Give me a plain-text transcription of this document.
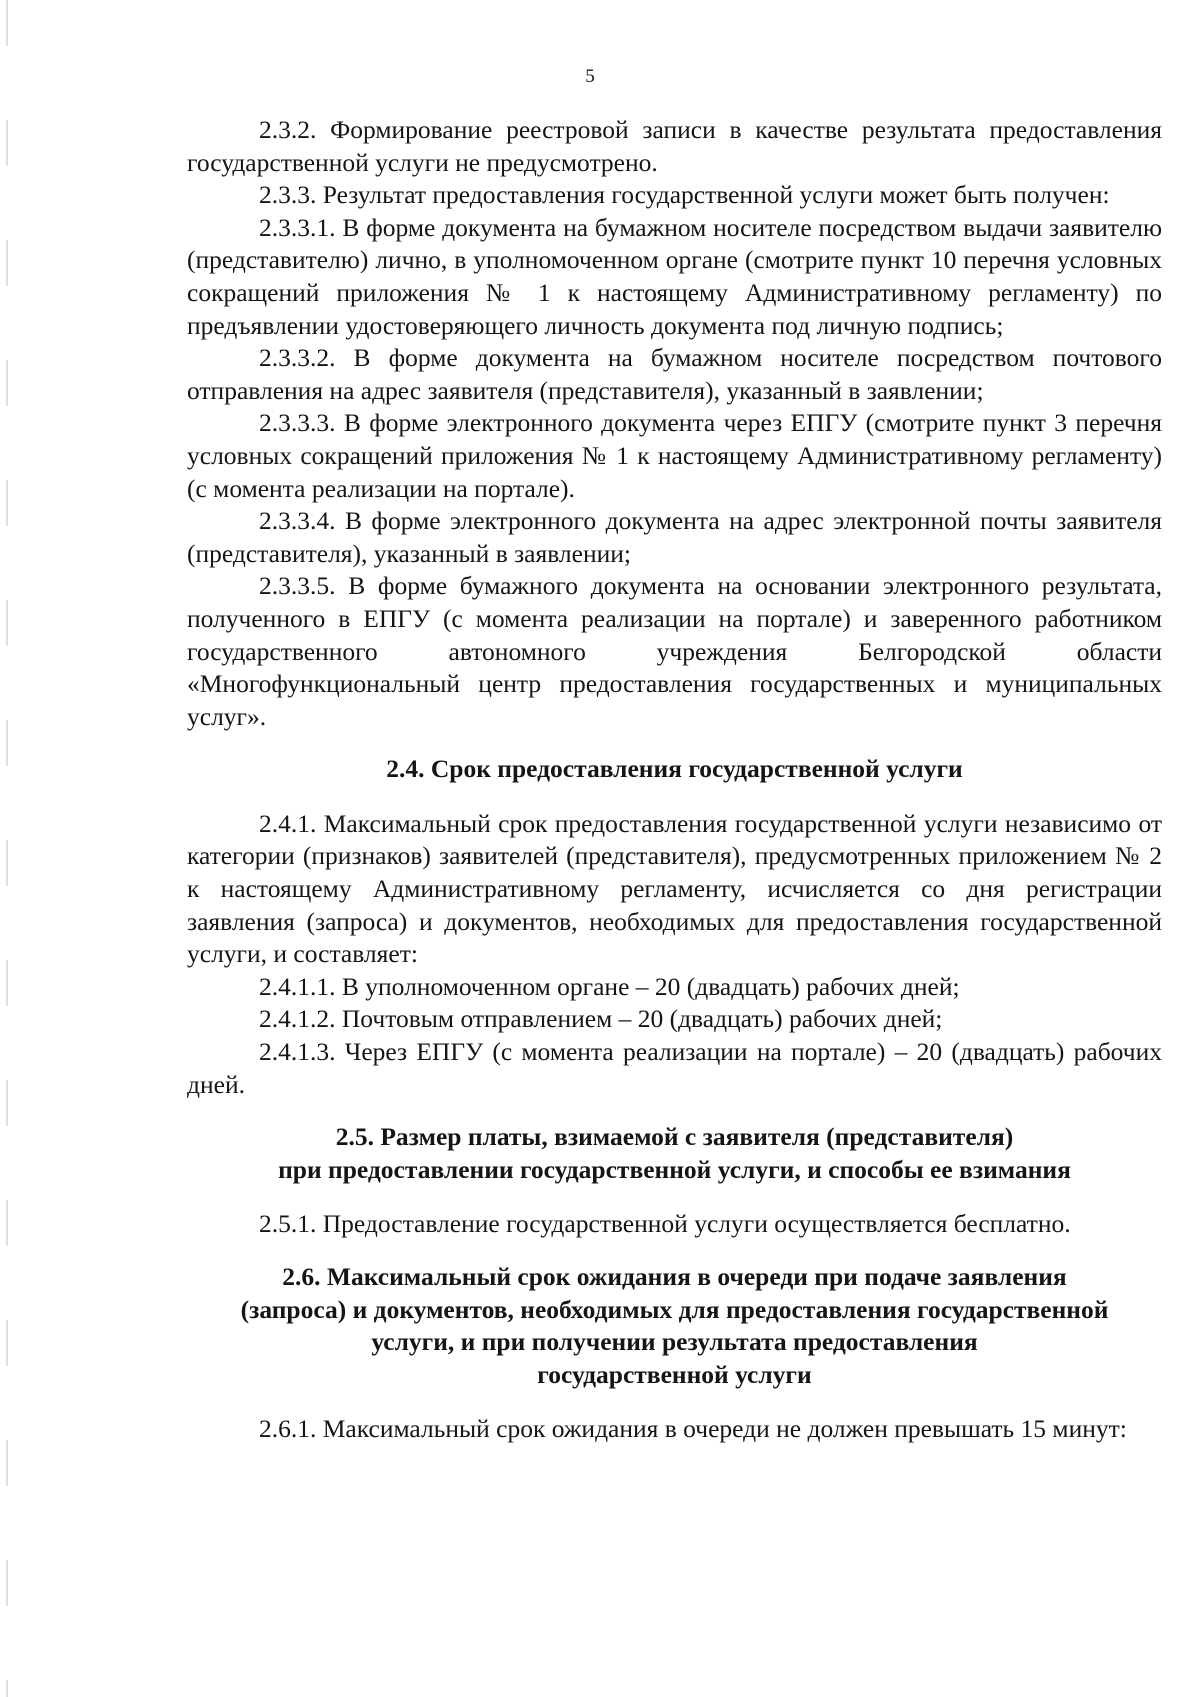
5

2.3.2. Формирование реестровой записи в качестве результата предоставления государственной услуги не предусмотрено.

2.3.3. Результат предоставления государственной услуги может быть получен:

2.3.3.1. В форме документа на бумажном носителе посредством выдачи заявителю (представителю) лично, в уполномоченном органе (смотрите пункт 10 перечня условных сокращений приложения № 1 к настоящему Административному регламенту) по предъявлении удостоверяющего личность документа под личную подпись;

2.3.3.2. В форме документа на бумажном носителе посредством почтового отправления на адрес заявителя (представителя), указанный в заявлении;

2.3.3.3. В форме электронного документа через ЕПГУ (смотрите пункт 3 перечня условных сокращений приложения № 1 к настоящему Административному регламенту) (с момента реализации на портале).

2.3.3.4. В форме электронного документа на адрес электронной почты заявителя (представителя), указанный в заявлении;

2.3.3.5. В форме бумажного документа на основании электронного результата, полученного в ЕПГУ (с момента реализации на портале) и заверенного работником государственного автономного учреждения Белгородской области «Многофункциональный центр предоставления государственных и муниципальных услуг».

2.4. Срок предоставления государственной услуги

2.4.1. Максимальный срок предоставления государственной услуги независимо от категории (признаков) заявителей (представителя), предусмотренных приложением № 2 к настоящему Административному регламенту, исчисляется со дня регистрации заявления (запроса) и документов, необходимых для предоставления государственной услуги, и составляет:

2.4.1.1. В уполномоченном органе – 20 (двадцать) рабочих дней;

2.4.1.2. Почтовым отправлением – 20 (двадцать) рабочих дней;

2.4.1.3. Через ЕПГУ (с момента реализации на портале) – 20 (двадцать) рабочих дней.

2.5. Размер платы, взимаемой с заявителя (представителя)
при предоставлении государственной услуги, и способы ее взимания

2.5.1. Предоставление государственной услуги осуществляется бесплатно.

2.6. Максимальный срок ожидания в очереди при подаче заявления
(запроса) и документов, необходимых для предоставления государственной
услуги, и при получении результата предоставления
государственной услуги

2.6.1. Максимальный срок ожидания в очереди не должен превышать 15 минут:
